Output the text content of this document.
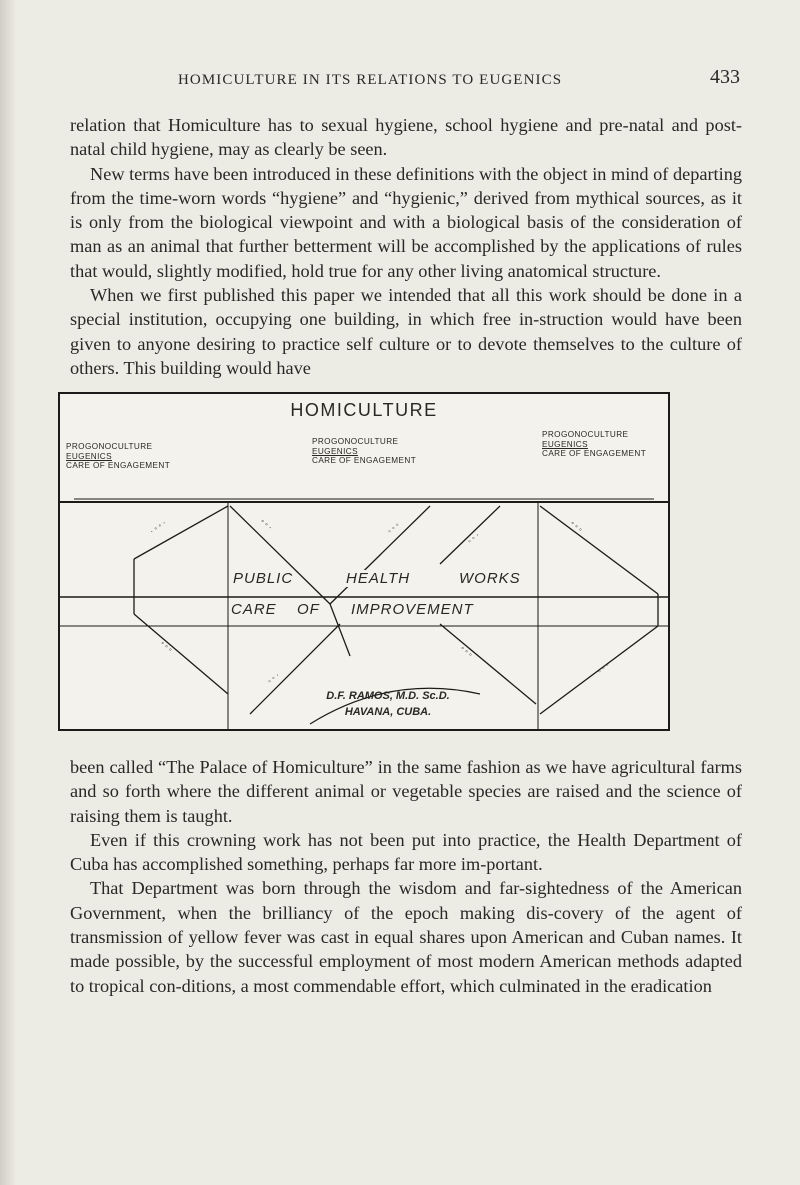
HOMICULTURE IN ITS RELATIONS TO EUGENICS	433

relation that Homiculture has to sexual hygiene, school hygiene and pre-natal and post-natal child hygiene, may as clearly be seen.

New terms have been introduced in these definitions with the object in mind of departing from the time-worn words “hygiene” and “hygienic,” derived from mythical sources, as it is only from the biological viewpoint and with a biological basis of the consideration of man as an animal that further betterment will be accomplished by the applications of rules that would, slightly modified, hold true for any other living anatomical structure.

When we first published this paper we intended that all this work should be done in a special institution, occupying one building, in which free in-struction would have been given to anyone desiring to practice self culture or to devote themselves to the culture of others. This building would have

· ◦ ◦ ·	◦ ◦ ·	◦ ◦ ◦
◦ ◦ ·
◦ ◦ ◦
◦ ◦ ◦
◦ ◦ ·
◦ ◦ ◦
◦ ◦ ◦
HOMICULTURE
PROGONOCULTURE
EUGENICS
CARE OF ENGAGEMENT
PROGONOCULTURE
EUGENICS
CARE OF ENGAGEMENT
PROGONOCULTURE
EUGENICS
CARE OF ENGAGEMENT
PUBLIC	HEALTH	WORKS
CARE OF IMPROVEMENT
D.F. RAMOS, M.D. Sc.D.
HAVANA, CUBA.

been called “The Palace of Homiculture” in the same fashion as we have agricultural farms and so forth where the different animal or vegetable species are raised and the science of raising them is taught.

Even if this crowning work has not been put into practice, the Health Department of Cuba has accomplished something, perhaps far more im-portant.

That Department was born through the wisdom and far-sightedness of the American Government, when the brilliancy of the epoch making dis-covery of the agent of transmission of yellow fever was cast in equal shares upon American and Cuban names. It made possible, by the successful employment of most modern American methods adapted to tropical con-ditions, a most commendable effort, which culminated in the eradication
